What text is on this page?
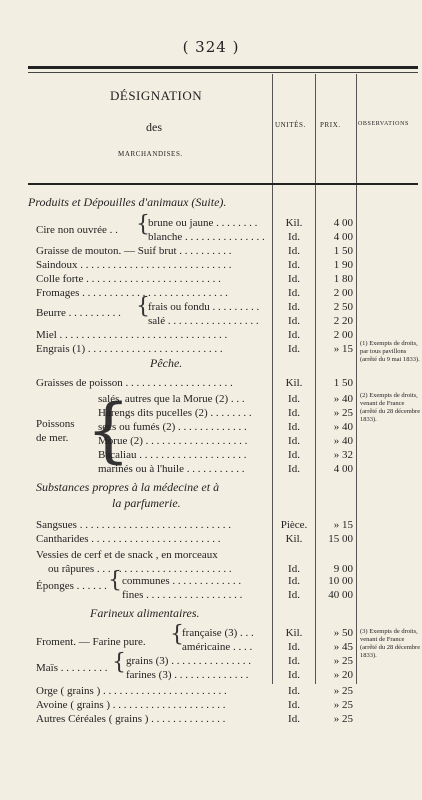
( 324 )
DÉSIGNATION
des
MARCHANDISES.
UNITÉS. PRIX.	OBSERVATIONS
Produits et Dépouilles d'animaux (Suite).
Cire non ouvrée . . {
brune ou jaune . . . . . . . .	Kil.	4 00
blanche . . . . . . . . . . . . . . .	Id.	4 00
Graisse de mouton. — Suif brut . . . . . . . . . .	Id.	1 50
Saindoux . . . . . . . . . . . . . . . . . . . . . . . . . . . .	Id.	1 90
Colle forte . . . . . . . . . . . . . . . . . . . . . . . . .	Id.	1 80
Fromages . . . . . . . . . . . . . . . . . . . . . . . . . . .	Id.	2 00
Beurre . . . . . . . . . . {
frais ou fondu . . . . . . . . .	Id.	2 50
salé . . . . . . . . . . . . . . . . .	Id.	2 20
Miel . . . . . . . . . . . . . . . . . . . . . . . . . . . . . . .	Id.	2 00
Engrais (1) . . . . . . . . . . . . . . . . . . . . . . . . .	Id.	» 15 (1) Exempts de droits, par tous pavillons (arrêté du 9 mai 1833).
Pêche.
Graisses de poisson . . . . . . . . . . . . . . . . . . . .	Kil.	1 50
Poissons
de mer. {
salés, autres que la Morue (2) . . .	Id.	» 40
Harengs dits pucelles (2) . . . . . . . .	Id.	» 25
secs ou fumés (2) . . . . . . . . . . . . .	Id.	» 40
Morue (2) . . . . . . . . . . . . . . . . . . .	Id.	» 40
Bacaliau . . . . . . . . . . . . . . . . . . . .	Id.	» 32
marinés ou à l'huile . . . . . . . . . . .	Id.	4 00
(2) Exempts de droits, venant de France (arrêté du 28 décembre 1833).
Substances propres à la médecine et à
la parfumerie.
Sangsues . . . . . . . . . . . . . . . . . . . . . . . . . . . .	Pièce.	» 15
Cantharides . . . . . . . . . . . . . . . . . . . . . . . .	Kil.	15 00
Vessies de cerf et de snack , en morceaux
ou râpures . . . . . . . . . . . . . . . . . . . . . . . . .	Id.	9 00
Éponges . . . . . . { communes . . . . . . . . . . . . .	Id.	10 00
fines . . . . . . . . . . . . . . . . . .	Id.	40 00
Farineux alimentaires.
Froment. — Farine pure. {
française (3) . . .	Kil.	» 50
américaine . . . .	Id.	» 45
Maïs . . . . . . . . . { grains (3) . . . . . . . . . . . . . . .	Id.	» 25
farines (3) . . . . . . . . . . . . . .	Id.	» 20
Orge ( grains ) . . . . . . . . . . . . . . . . . . . . . . .	Id.	» 25
Avoine ( grains ) . . . . . . . . . . . . . . . . . . . . .	Id.	» 25
Autres Céréales ( grains ) . . . . . . . . . . . . . .	Id.	» 25
(3) Exempts de droits, venant de France (arrêté du 28 décembre 1833).
